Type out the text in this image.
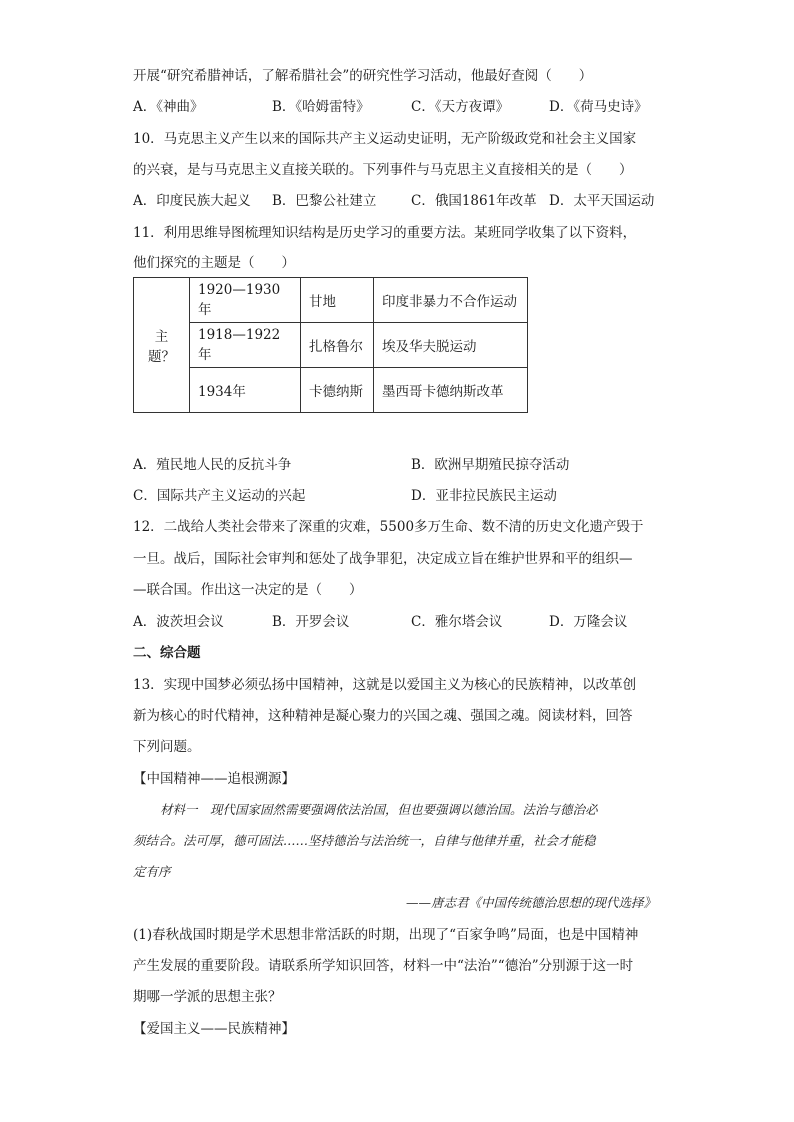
开展“研究希腊神话，了解希腊社会”的研究性学习活动，他最好查阅（　　）
A．《神曲》	B．《哈姆雷特》	C．《天方夜谭》	D．《荷马史诗》
10．马克思主义产生以来的国际共产主义运动史证明，无产阶级政党和社会主义国家
的兴衰，是与马克思主义直接关联的。下列事件与马克思主义直接相关的是（　　）
A．印度民族大起义 B．巴黎公社建立	C．俄国1861年改革 D．太平天国运动
11．利用思维导图梳理知识结构是历史学习的重要方法。某班同学收集了以下资料，
他们探究的主题是（　　）
主题？	1920—1930年	甘地	印度非暴力不合作运动
	1918—1922年	扎格鲁尔	埃及华夫脱运动
	1934年	卡德纳斯	墨西哥卡德纳斯改革
A．殖民地人民的反抗斗争	B．欧洲早期殖民掠夺活动
C．国际共产主义运动的兴起	D．亚非拉民族民主运动
12．二战给人类社会带来了深重的灾难，5500多万生命、数不清的历史文化遗产毁于
一旦。战后，国际社会审判和惩处了战争罪犯，决定成立旨在维护世界和平的组织—
—联合国。作出这一决定的是（　　）
A．波茨坦会议	B．开罗会议	C．雅尔塔会议	D．万隆会议
二、综合题
13．实现中国梦必须弘扬中国精神，这就是以爱国主义为核心的民族精神，以改革创
新为核心的时代精神，这种精神是凝心聚力的兴国之魂、强国之魂。阅读材料，回答
下列问题。
【中国精神——追根溯源】
材料一　现代国家固然需要强调依法治国，但也要强调以德治国。法治与德治必
须结合。法可厚，德可固法……坚持德治与法治统一，自律与他律并重，社会才能稳
定有序
——唐志君《中国传统德治思想的现代选择》
(1)春秋战国时期是学术思想非常活跃的时期，出现了“百家争鸣”局面，也是中国精神
产生发展的重要阶段。请联系所学知识回答，材料一中“法治”“德治”分别源于这一时
期哪一学派的思想主张？
【爱国主义——民族精神】
